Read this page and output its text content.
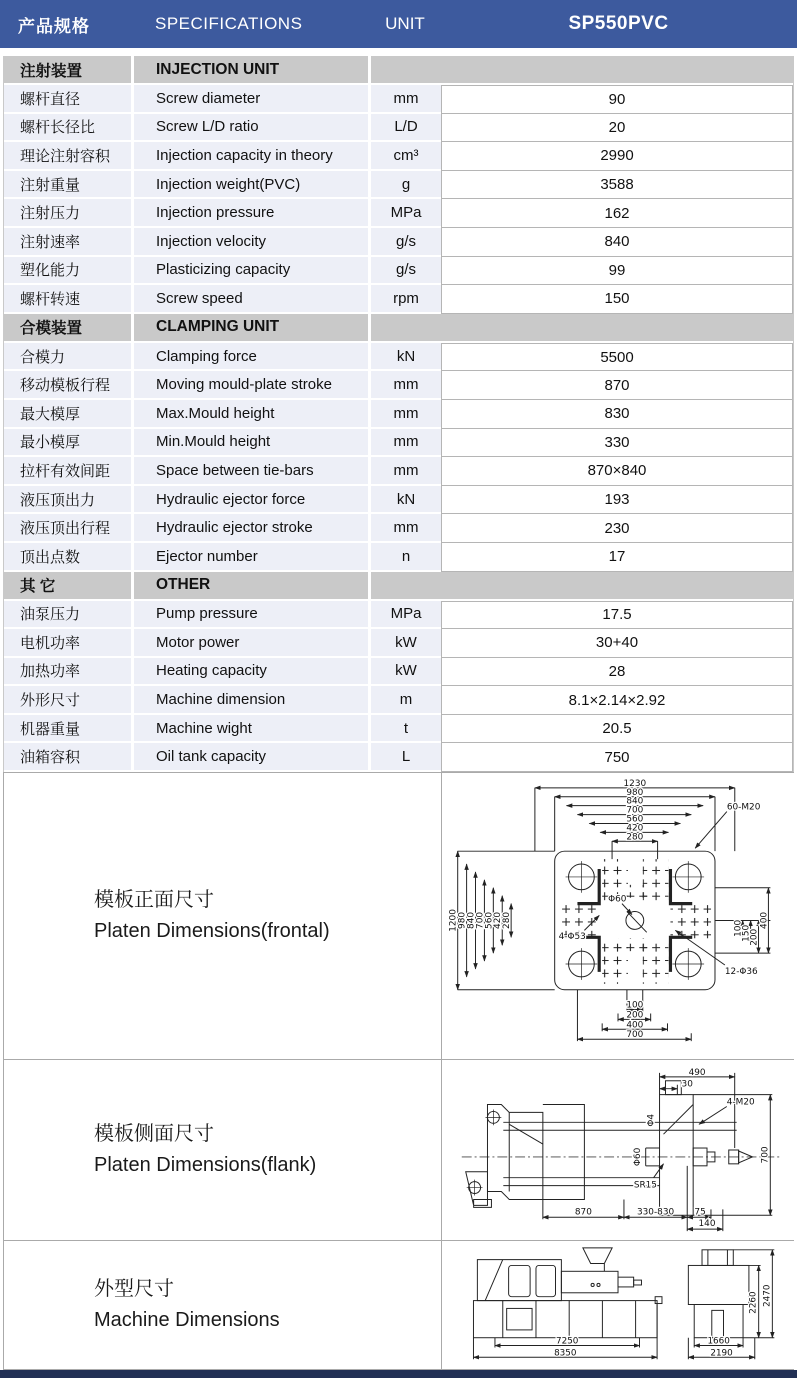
产品规格	SPECIFICATIONS	UNIT	SP550PVC
注射装置	INJECTION UNIT
螺杆直径	Screw diameter	mm	90
螺杆长径比	Screw L/D ratio	L/D	20
理论注射容积	Injection capacity in theory	cm³	2990
注射重量	Injection weight(PVC)	g	3588
注射压力	Injection pressure	MPa	162
注射速率	Injection velocity	g/s	840
塑化能力	Plasticizing capacity	g/s	99
螺杆转速	Screw speed	rpm	150
合模装置	CLAMPING UNIT
合模力	Clamping force	kN	5500
移动模板行程	Moving mould-plate stroke	mm	870
最大模厚	Max.Mould height	mm	830
最小模厚	Min.Mould height	mm	330
拉杆有效间距	Space between tie-bars	mm	870×840
液压顶出力	Hydraulic ejector force	kN	193
液压顶出行程	Hydraulic ejector stroke	mm	230
顶出点数	Ejector number	n	17
其 它	OTHER
油泵压力	Pump pressure	MPa	17.5
电机功率	Motor power	kW	30+40
加热功率	Heating capacity	kW	28
外形尺寸	Machine dimension	m	8.1×2.14×2.92
机器重量	Machine wight	t	20.5
油箱容积	Oil tank capacity	L	750
模板正面尺寸
Platen Dimensions(frontal)
1230
980
840
700
560
420
280
1200
980
840
700
560
420
280	100
150
200
400
100
200
400
700
60-M20
12-Φ36
Φ60
4-Φ53
模板侧面尺寸
Platen Dimensions(flank)
490
30
4-M20
700
Φ4
Φ60
SR15
870	330-830 75
140
外型尺寸
Machine Dimensions
7250
8350
2260 2470
1660
2190
